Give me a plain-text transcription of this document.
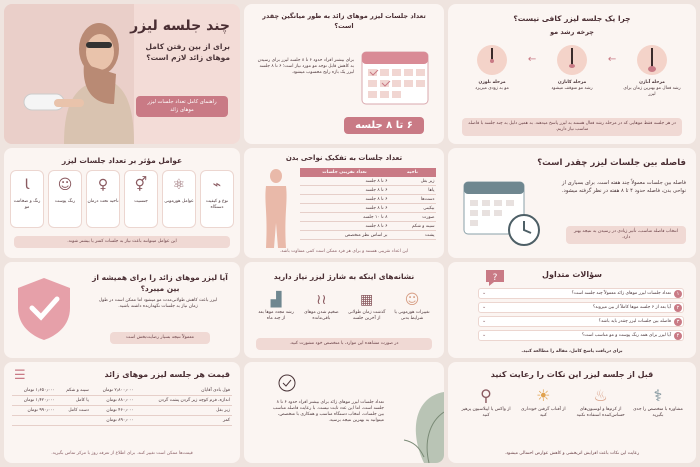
چند جلسه لیزر
برای از بین رفتن کامل موهای زائد لازم است؟
راهنمای کامل تعداد جلسات لیزر موهای زائد
تعداد جلسات لیزر موهای زائد به طور میانگین چقدر است؟
برای بیشتر افراد حدود ۶ تا ۸ جلسه لیزر برای رسیدن به کاهش قابل توجه مو مورد نیاز است؛ ۶ تا ۸ جلسه لیزر یک بازه رایج محسوب میشود.
۶ تا ۸ جلسه
چرا یک جلسه لیزر کافی نیست؟
چرخه رشد مو
مرحله آناژن
رشد فعال مو بهترین زمان برای لیزر
←
مرحله کاتاژن
رشد مو متوقف میشود
←
مرحله تلوژن
مو به زودی میریزد
در هر جلسه فقط موهایی که در مرحله رشد فعال هستند به لیزر پاسخ میدهند. به همین دلیل به چند جلسه با فاصله مناسب نیاز داریم.
عوامل مؤثر بر تعداد جلسات لیزر
⌁
نوع و کیفیت دستگاه
⚛
عوامل هورمونی
⚥
جنسیت
♀
ناحیه تحت درمان
☺
رنگ پوست
Ɩ
رنگ و ضخامت مو
این عوامل میتوانند باعث نیاز به جلسات کمتر یا بیشتر شوند.
تعداد جلسات به تفکیک نواحی بدن
ناحیه	تعداد تقریبی جلسات
زیر بغل	۶ تا ۸ جلسه
پاها	۶ تا ۸ جلسه
دست‌ها	۶ تا ۸ جلسه
بیکینی	۶ تا ۸ جلسه
صورت	۸ تا ۱۰ جلسه
سینه و شکم	۶ تا ۸ جلسه
پشت	بر اساس نظر متخصص
این اعداد تقریبی هستند و برای هر فرد ممکن است کمی متفاوت باشد.
فاصله بین جلسات لیزر چقدر است؟
فاصله بین جلسات معمولاً چند هفته است. برای بسیاری از نواحی بدن، فاصله حدود ۴ تا ۸ هفته در نظر گرفته میشود.
انتخاب فاصله مناسب، تأثیر زیادی در رسیدن به نتیجه بهتر دارد.
آیا لیزر موهای زائد را برای همیشه از بین میبرد؟
لیزر باعث کاهش طولانی‌مدت مو میشود اما ممکن است در طول زمان نیاز به جلسات نگهدارنده داشته باشید.
معمولاً نتیجه بسیار رضایت‌بخش است
نشانه‌های اینکه به شارژ لیزر نیاز دارید
☺
تغییرات هورمونی یا شرایط بدنی
▦
گذشت زمان طولانی از آخرین جلسه
≀≀
ضخیم شدن موهای باقی‌مانده
▟
رشد مجدد موها بعد از چند ماه
در صورت مشاهده این موارد، با متخصص خود مشورت کنید.
?	سؤالات متداول
۱
تعداد جلسات لیزر موهای زائد معمولاً چند جلسه است؟
⌄
۲
آیا بعد از ۶ جلسه موها کاملاً از بین میروند؟
⌄
۳
فاصله بین جلسات لیزر چقدر باید باشد؟
⌄
۴
آیا لیزر برای همه رنگ پوست و مو مناسب است؟
⌄
برای دریافت پاسخ کامل، مقاله را مطالعه کنید.
قیمت هر جلسه لیزر موهای زائد
☰
فول بادی آقایان	۲٫۸۰۰٫۰۰۰ تومان	سینه و شکم	۱٫۶۵۰٫۰۰۰ تومان
اندازه، فرم کوچه زیر گردن پشت گردن	۸۸۰٫۰۰۰ تومان	پا کامل	۱٫۴۲۰٫۰۰۰ تومان
زیر بغل	۴۶۰٫۰۰۰ تومان	دست کامل	۹۹۰٫۰۰۰ تومان
کمر	۸۹۰٫۰۰۰ تومان		
قیمت‌ها ممکن است تغییر کنند. برای اطلاع از تعرفه روز با مرکز تماس بگیرید.
تعداد جلسات لیزر موهای زائد برای بیشتر افراد حدود ۶ تا ۸ جلسه است، اما این عدد ثابت نیست. با رعایت فاصله مناسب بین جلسات، انتخاب دستگاه مناسب و همکاری با متخصص، میتوانید به بهترین نتیجه برسید.
قبل از جلسه لیزر این نکات را رعایت کنید
⚕
مشاوره با متخصص را جدی بگیرید
♨
از کرم‌ها و لوسیون‌های حساس‌کننده استفاده نکنید
☀
از آفتاب گرفتن خودداری کنید
⚲
از واکس یا اپیلاسیون پرهیز کنید
رعایت این نکات باعث افزایش اثربخشی و کاهش عوارض احتمالی میشود.
